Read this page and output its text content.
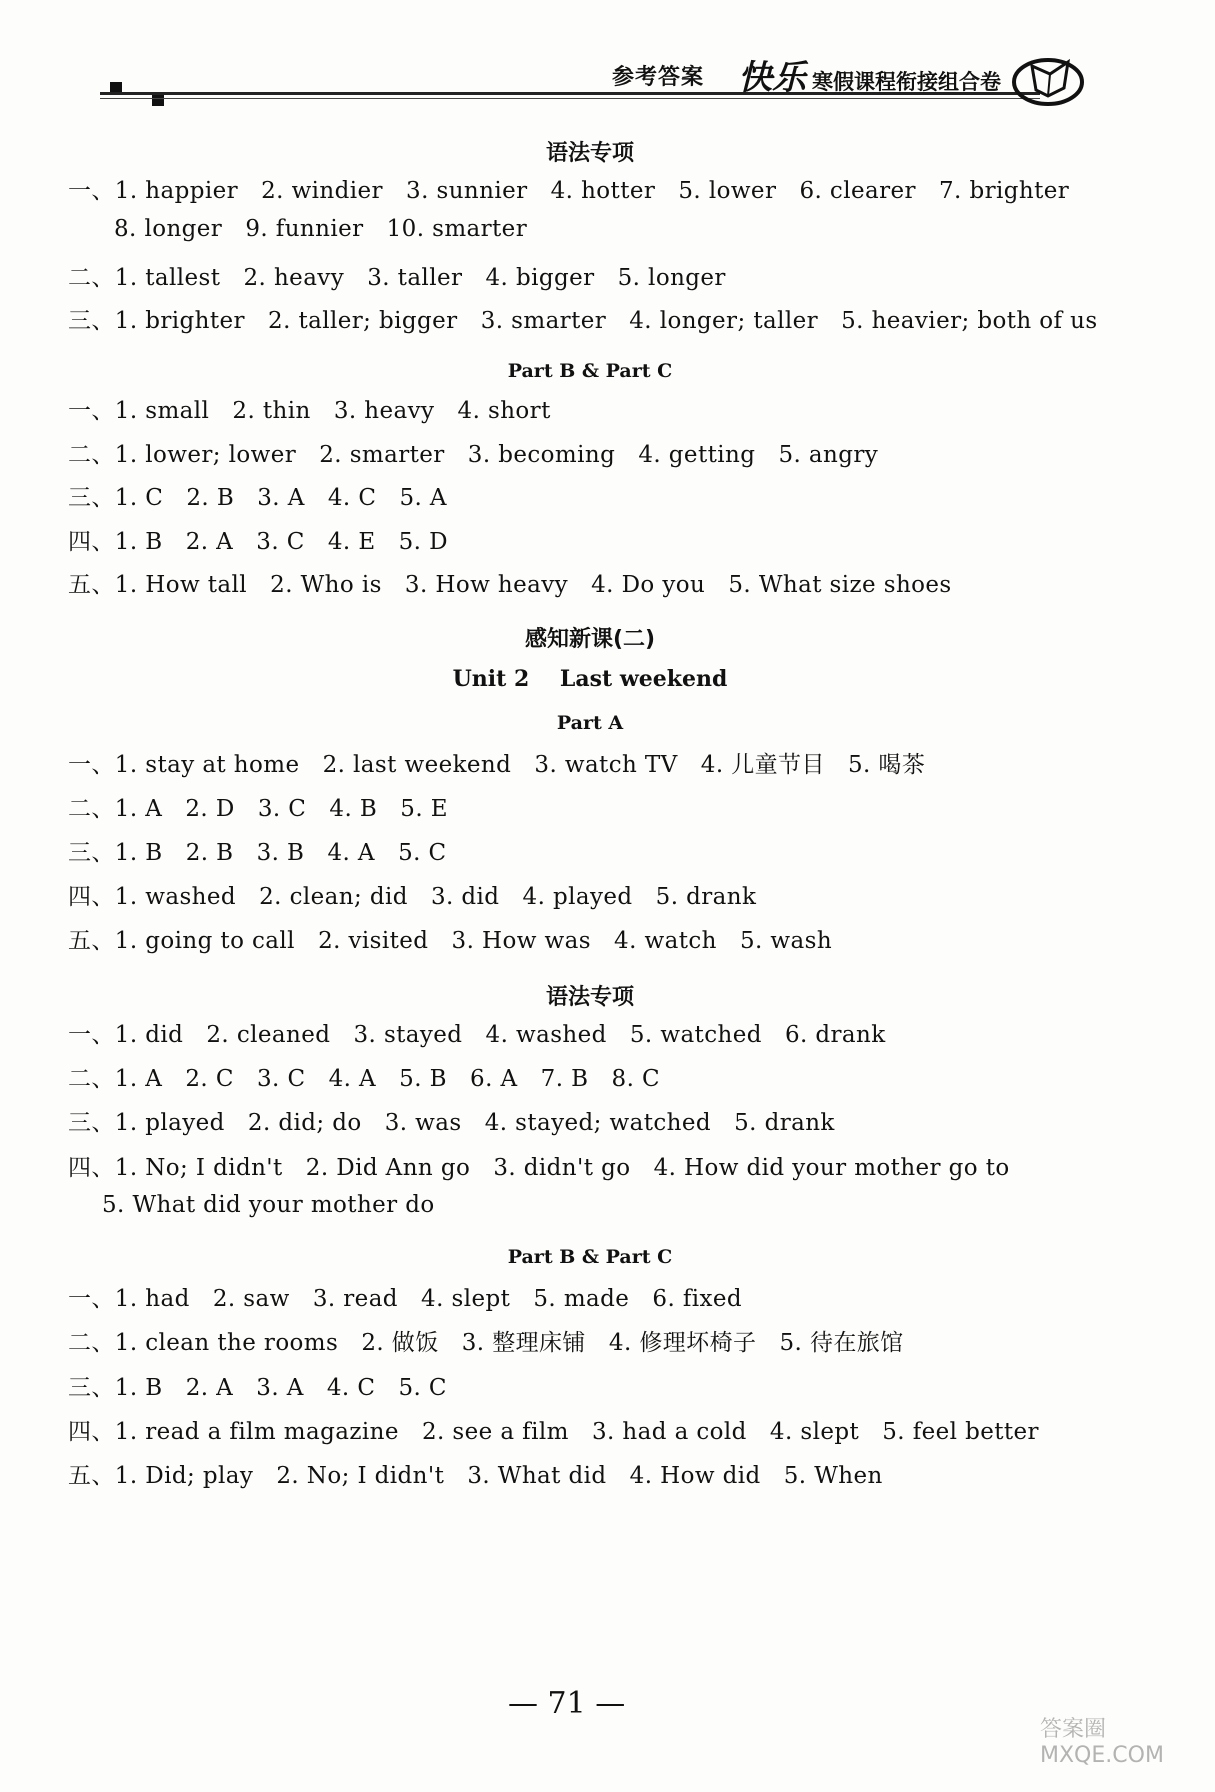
参考答案 快乐 寒假课程衔接组合卷
语法专项
一、1. happier   2. windier   3. sunnier   4. hotter   5. lower   6. clearer   7. brighter
8. longer   9. funnier   10. smarter
二、1. tallest   2. heavy   3. taller   4. bigger   5. longer
三、1. brighter   2. taller; bigger   3. smarter   4. longer; taller   5. heavier; both of us
Part B & Part C
一、1. small   2. thin   3. heavy   4. short
二、1. lower; lower   2. smarter   3. becoming   4. getting   5. angry
三、1. C   2. B   3. A   4. C   5. A
四、1. B   2. A   3. C   4. E   5. D
五、1. How tall   2. Who is   3. How heavy   4. Do you   5. What size shoes
感知新课(二)
Unit 2    Last weekend
Part A
一、1. stay at home   2. last weekend   3. watch TV   4. 儿童节目   5. 喝茶
二、1. A   2. D   3. C   4. B   5. E
三、1. B   2. B   3. B   4. A   5. C
四、1. washed   2. clean; did   3. did   4. played   5. drank
五、1. going to call   2. visited   3. How was   4. watch   5. wash
语法专项
一、1. did   2. cleaned   3. stayed   4. washed   5. watched   6. drank
二、1. A   2. C   3. C   4. A   5. B   6. A   7. B   8. C
三、1. played   2. did; do   3. was   4. stayed; watched   5. drank
四、1. No; I didn't   2. Did Ann go   3. didn't go   4. How did your mother go to
5. What did your mother do
Part B & Part C
一、1. had   2. saw   3. read   4. slept   5. made   6. fixed
二、1. clean the rooms   2. 做饭   3. 整理床铺   4. 修理坏椅子   5. 待在旅馆
三、1. B   2. A   3. A   4. C   5. C
四、1. read a film magazine   2. see a film   3. had a cold   4. slept   5. feel better
五、1. Did; play   2. No; I didn't   3. What did   4. How did   5. When
— 71 —
答案圈 MXQE.COM
